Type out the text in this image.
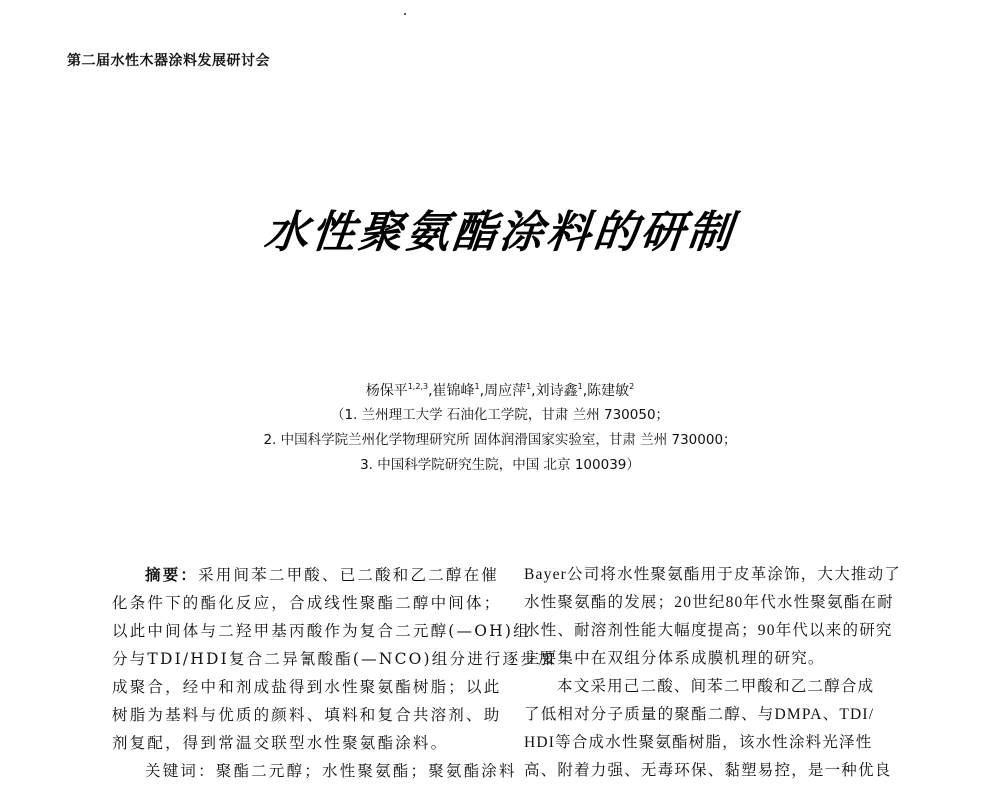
第二届水性木器涂料发展研讨会
水性聚氨酯涂料的研制
杨保平$^{1,2,3}$,崔锦峰$^1$,周应萍$^1$,刘诗鑫$^1$,陈建敏$^2$
（1. 兰州理工大学 石油化工学院，甘肃 兰州 730050；
2. 中国科学院兰州化学物理研究所 固体润滑国家实验室，甘肃 兰州 730000；
3. 中国科学院研究生院，中国 北京 100039）
摘要：采用间苯二甲酸、已二酸和乙二醇在催
化条件下的酯化反应，合成线性聚酯二醇中间体；
以此中间体与二羟甲基丙酸作为复合二元醇(—OH)组
分与TDI/HDI复合二异氰酸酯(—NCO)组分进行逐步加
成聚合，经中和剂成盐得到水性聚氨酯树脂；以此
树脂为基料与优质的颜料、填料和复合共溶剂、助
剂复配，得到常温交联型水性聚氨酯涂料。
关键词：聚酯二元醇；水性聚氨酯；聚氨酯涂料
Bayer公司将水性聚氨酯用于皮革涂饰，大大推动了
水性聚氨酯的发展；20世纪80年代水性聚氨酯在耐
水性、耐溶剂性能大幅度提高；90年代以来的研究
主要集中在双组分体系成膜机理的研究。
本文采用己二酸、间苯二甲酸和乙二醇合成
了低相对分子质量的聚酯二醇、与DMPA、TDI/
HDI等合成水性聚氨酯树脂，该水性涂料光泽性
高、附着力强、无毒环保、黏塑易控，是一种优良
